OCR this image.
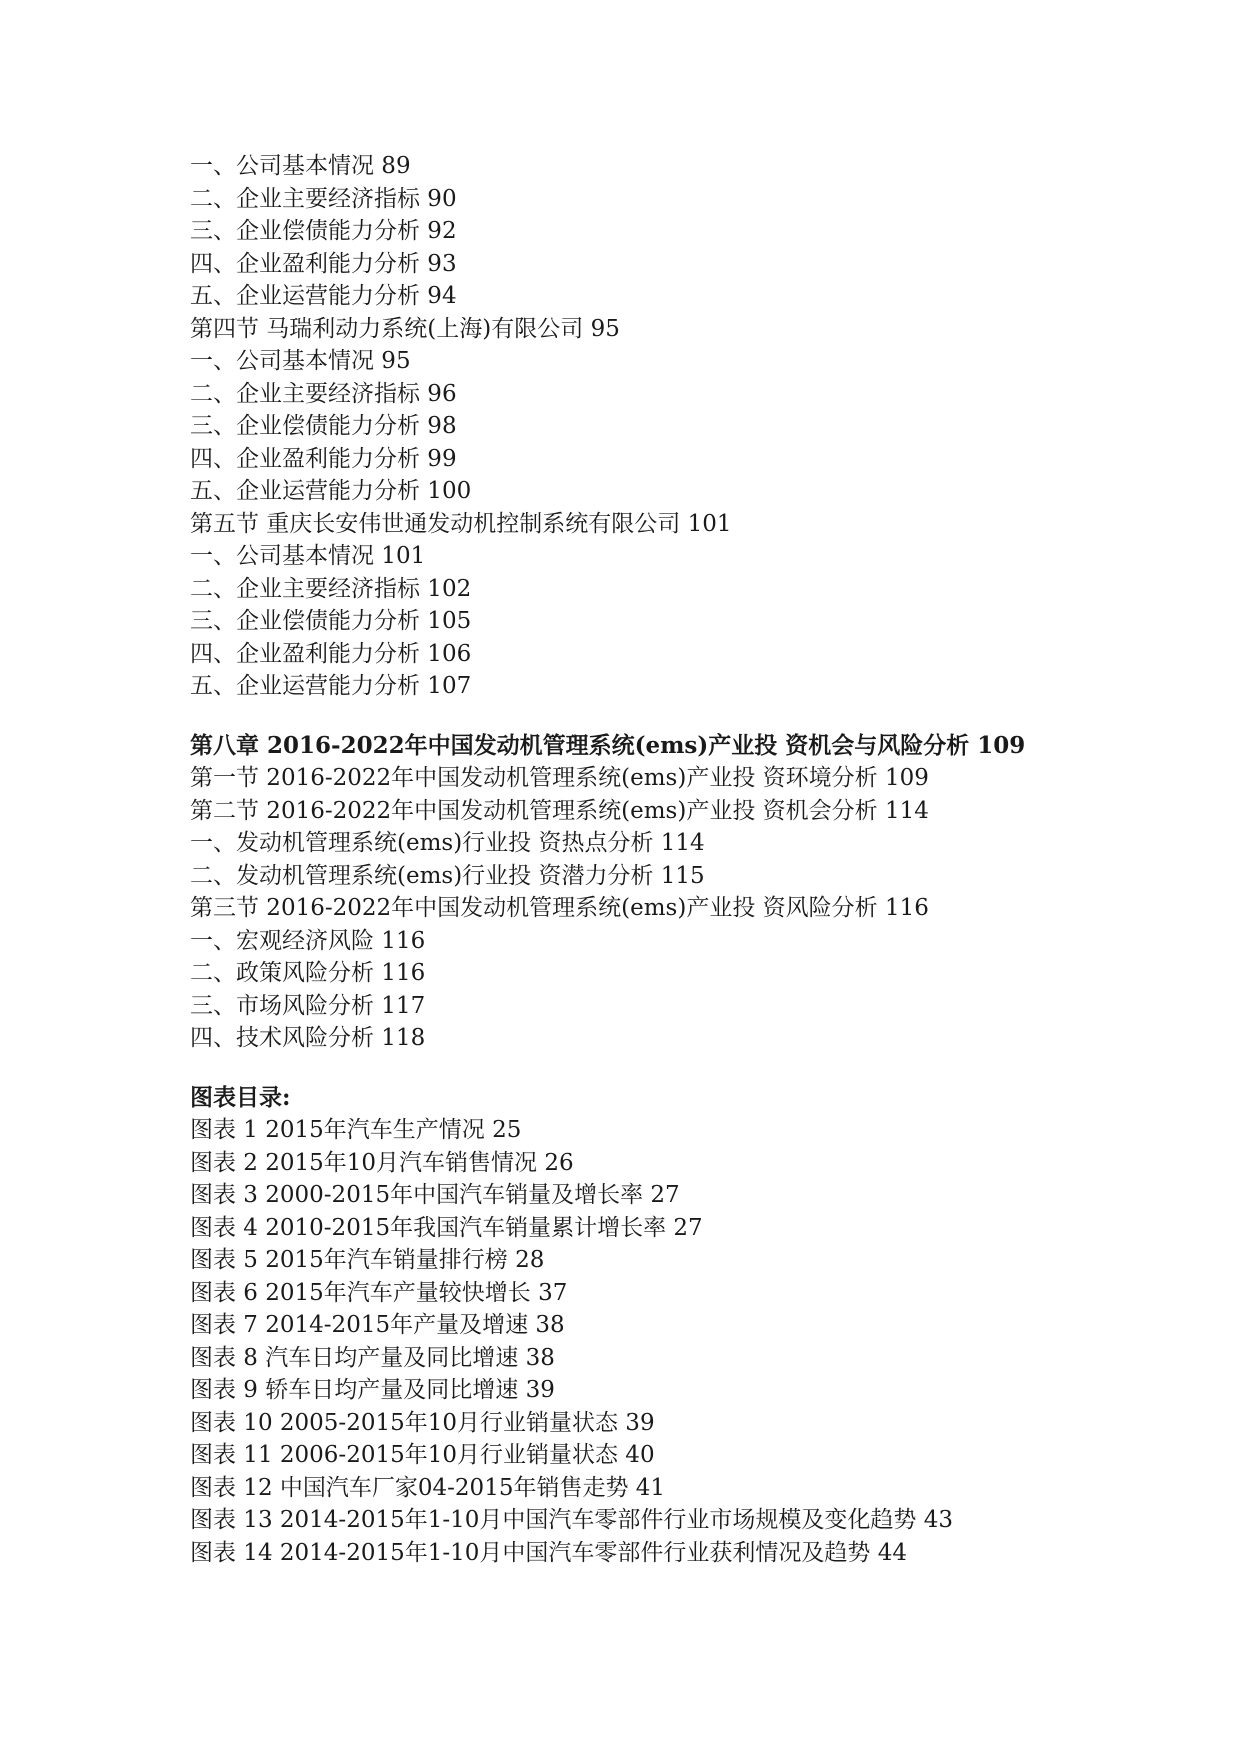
一、公司基本情况 89
二、企业主要经济指标 90
三、企业偿债能力分析 92
四、企业盈利能力分析 93
五、企业运营能力分析 94
第四节 马瑞利动力系统(上海)有限公司 95
一、公司基本情况 95
二、企业主要经济指标 96
三、企业偿债能力分析 98
四、企业盈利能力分析 99
五、企业运营能力分析 100
第五节 重庆长安伟世通发动机控制系统有限公司 101
一、公司基本情况 101
二、企业主要经济指标 102
三、企业偿债能力分析 105
四、企业盈利能力分析 106
五、企业运营能力分析 107
第八章 2016-2022年中国发动机管理系统(ems)产业投 资机会与风险分析 109
第一节 2016-2022年中国发动机管理系统(ems)产业投 资环境分析 109
第二节 2016-2022年中国发动机管理系统(ems)产业投 资机会分析 114
一、发动机管理系统(ems)行业投 资热点分析 114
二、发动机管理系统(ems)行业投 资潜力分析 115
第三节 2016-2022年中国发动机管理系统(ems)产业投 资风险分析 116
一、宏观经济风险 116
二、政策风险分析 116
三、市场风险分析 117
四、技术风险分析 118
图表目录:
图表 1 2015年汽车生产情况 25
图表 2 2015年10月汽车销售情况 26
图表 3 2000-2015年中国汽车销量及增长率 27
图表 4 2010-2015年我国汽车销量累计增长率 27
图表 5 2015年汽车销量排行榜 28
图表 6 2015年汽车产量较快增长 37
图表 7 2014-2015年产量及增速 38
图表 8 汽车日均产量及同比增速 38
图表 9 轿车日均产量及同比增速 39
图表 10 2005-2015年10月行业销量状态 39
图表 11 2006-2015年10月行业销量状态 40
图表 12 中国汽车厂家04-2015年销售走势 41
图表 13 2014-2015年1-10月中国汽车零部件行业市场规模及变化趋势 43
图表 14 2014-2015年1-10月中国汽车零部件行业获利情况及趋势 44
